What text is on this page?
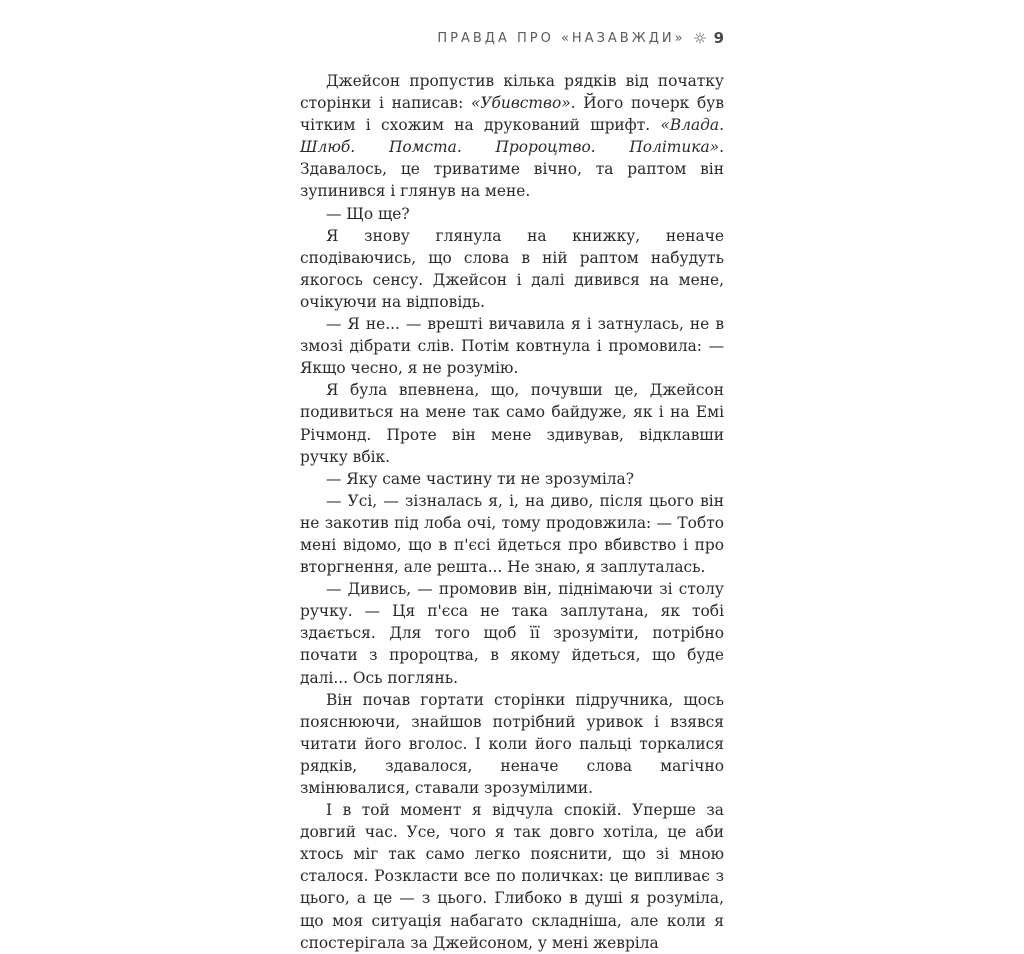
ПРАВДА ПРО «НАЗАВЖДИ» 9

Джейсон пропустив кілька рядків від початку сторінки і написав: «Убивство». Його почерк був чітким і схожим на друкований шрифт. «Влада. Шлюб. Помста. Пророцтво. Політика». Здавалось, це триватиме вічно, та раптом він зупинився і глянув на мене.

— Що ще?

Я знову глянула на книжку, неначе сподіваючись, що слова в ній раптом набудуть якогось сенсу. Джейсон і далі дивився на мене, очікуючи на відповідь.

— Я не... — врешті вичавила я і затнулась, не в змозі дібрати слів. Потім ковтнула і промовила: — Якщо чесно, я не розумію.

Я була впевнена, що, почувши це, Джейсон подивиться на мене так само байдуже, як і на Емі Річмонд. Проте він мене здивував, відклавши ручку вбік.

— Яку саме частину ти не зрозуміла?

— Усі, — зізналась я, і, на диво, після цього він не закотив під лоба очі, тому продовжила: — Тобто мені відомо, що в п'єсі йдеться про вбивство і про вторгнення, але решта... Не знаю, я заплуталась.

— Дивись, — промовив він, піднімаючи зі столу ручку. — Ця п'єса не така заплутана, як тобі здається. Для того щоб її зрозуміти, потрібно почати з пророцтва, в якому йдеться, що буде далі... Ось поглянь.

Він почав гортати сторінки підручника, щось пояснюючи, знайшов потрібний уривок і взявся читати його вголос. І коли його пальці торкалися рядків, здавалося, неначе слова магічно змінювалися, ставали зрозумілими.

І в той момент я відчула спокій. Уперше за довгий час. Усе, чого я так довго хотіла, це аби хтось міг так само легко пояснити, що зі мною сталося. Розкласти все по поличках: це випливає з цього, а це — з цього. Глибоко в душі я розуміла, що моя ситуація набагато складніша, але коли я спостерігала за Джейсоном, у мені жевріла
